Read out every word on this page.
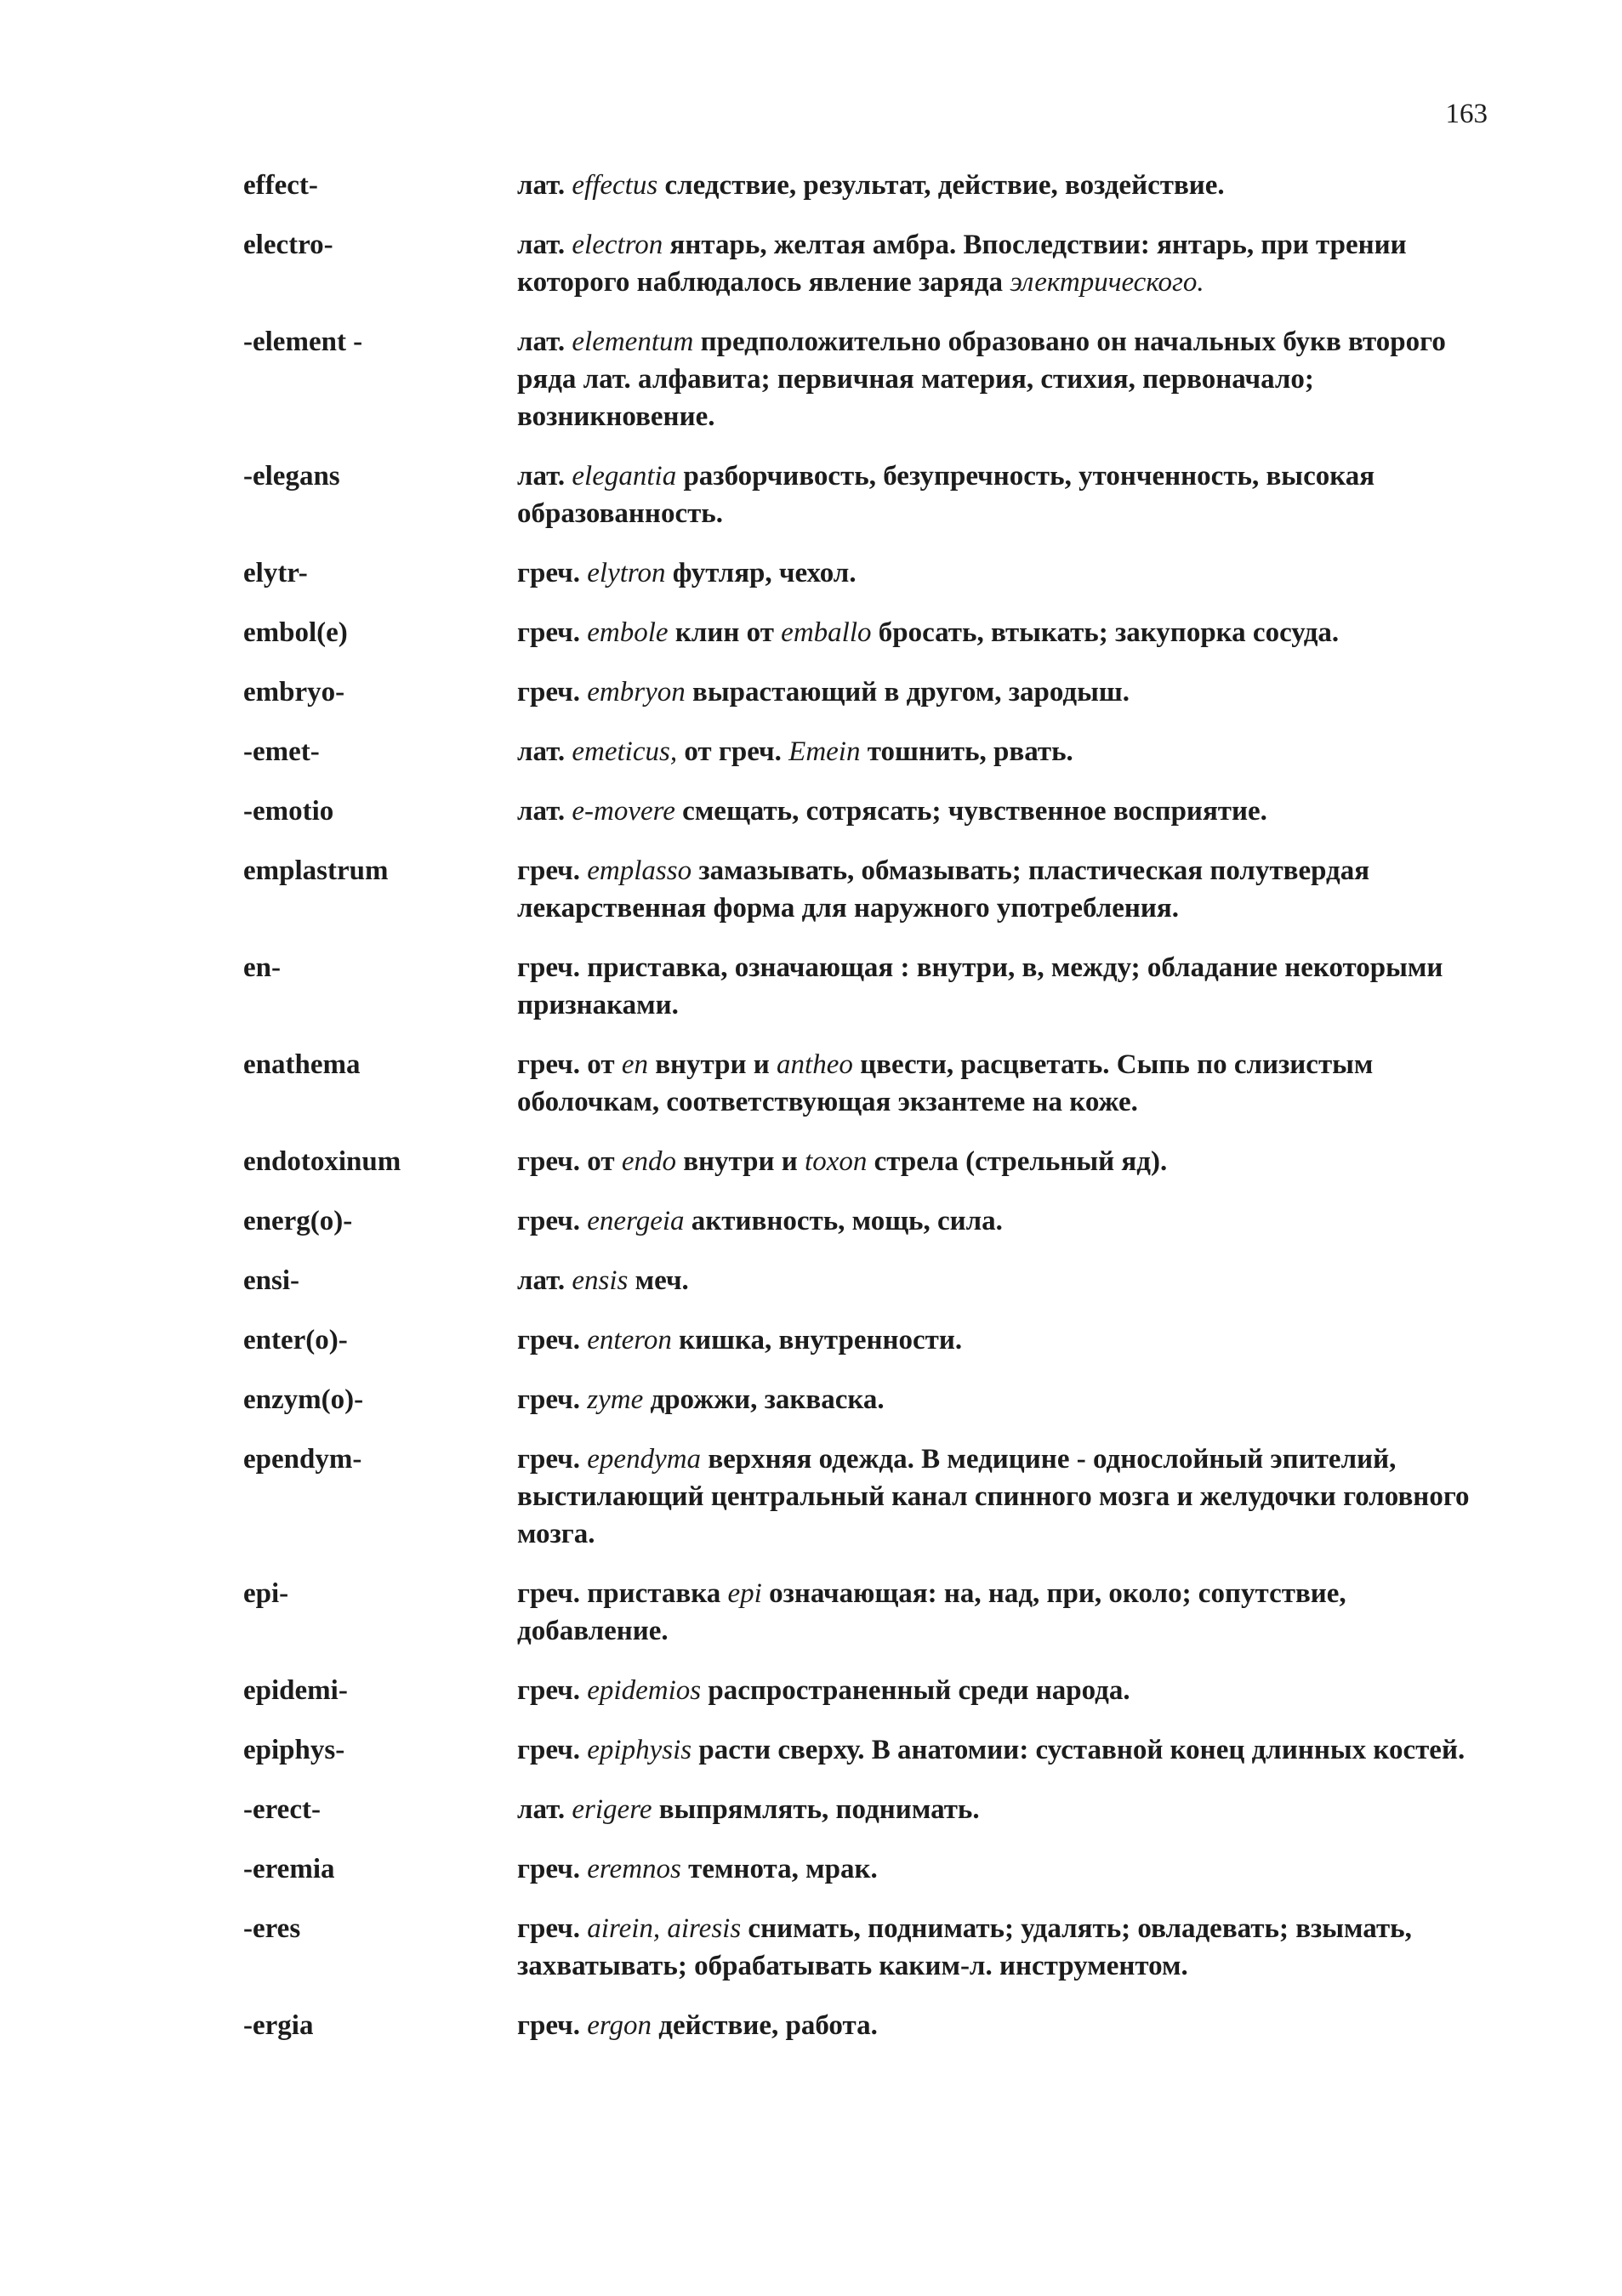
163
effect-	лат. effectus следствие, результат, действие, воздействие.
electro-	лат. electron янтарь, желтая амбра. Впоследствии: янтарь, при трении которого наблюдалось явление заряда электрического.
-element -	лат. elementum предположительно образовано он начальных букв второго ряда лат. алфавита; первичная материя, стихия, первоначало; возникновение.
-elegans	лат. elegantia разборчивость, безупречность, утонченность, высокая образованность.
elytr-	греч. elytron футляр, чехол.
embol(e)	греч. embole клин от emballo бросать, втыкать; закупорка сосуда.
embryo-	греч. embryon вырастающий в другом, зародыш.
-emet-	лат. emeticus, от греч. Emein тошнить, рвать.
-emotio	лат. e-movere смещать, сотрясать; чувственное восприятие.
emplastrum	греч. emplasso замазывать, обмазывать; пластическая полутвердая лекарственная форма для наружного употребления.
en-	греч. приставка, означающая : внутри, в, между; обладание некоторыми признаками.
enathema	греч. от en внутри и antheo цвести, расцветать. Сыпь по слизистым оболочкам, соответствующая экзантеме на коже.
endotoxinum	греч. от endo внутри и toxon стрела (стрельный яд).
energ(o)-	греч. energeia активность, мощь, сила.
ensi-	лат. ensis меч.
enter(o)-	греч. enteron кишка, внутренности.
enzym(o)-	греч. zyme дрожжи, закваска.
ependym-	греч. ependyma верхняя одежда. В медицине - однослойный эпителий, выстилающий центральный канал спинного мозга и желудочки головного мозга.
epi-	греч. приставка epi означающая: на, над, при, около; сопутствие, добавление.
epidemi-	греч. epidemios распространенный среди народа.
epiphys-	греч. epiphysis расти сверху. В анатомии: суставной конец длинных костей.
-erect-	лат. erigere выпрямлять, поднимать.
-eremia	греч. eremnos темнота, мрак.
-eres	греч. airein, airesis снимать, поднимать; удалять; овладевать; взымать, захватывать; обрабатывать каким-л. инструментом.
-ergia	греч. ergon действие, работа.
